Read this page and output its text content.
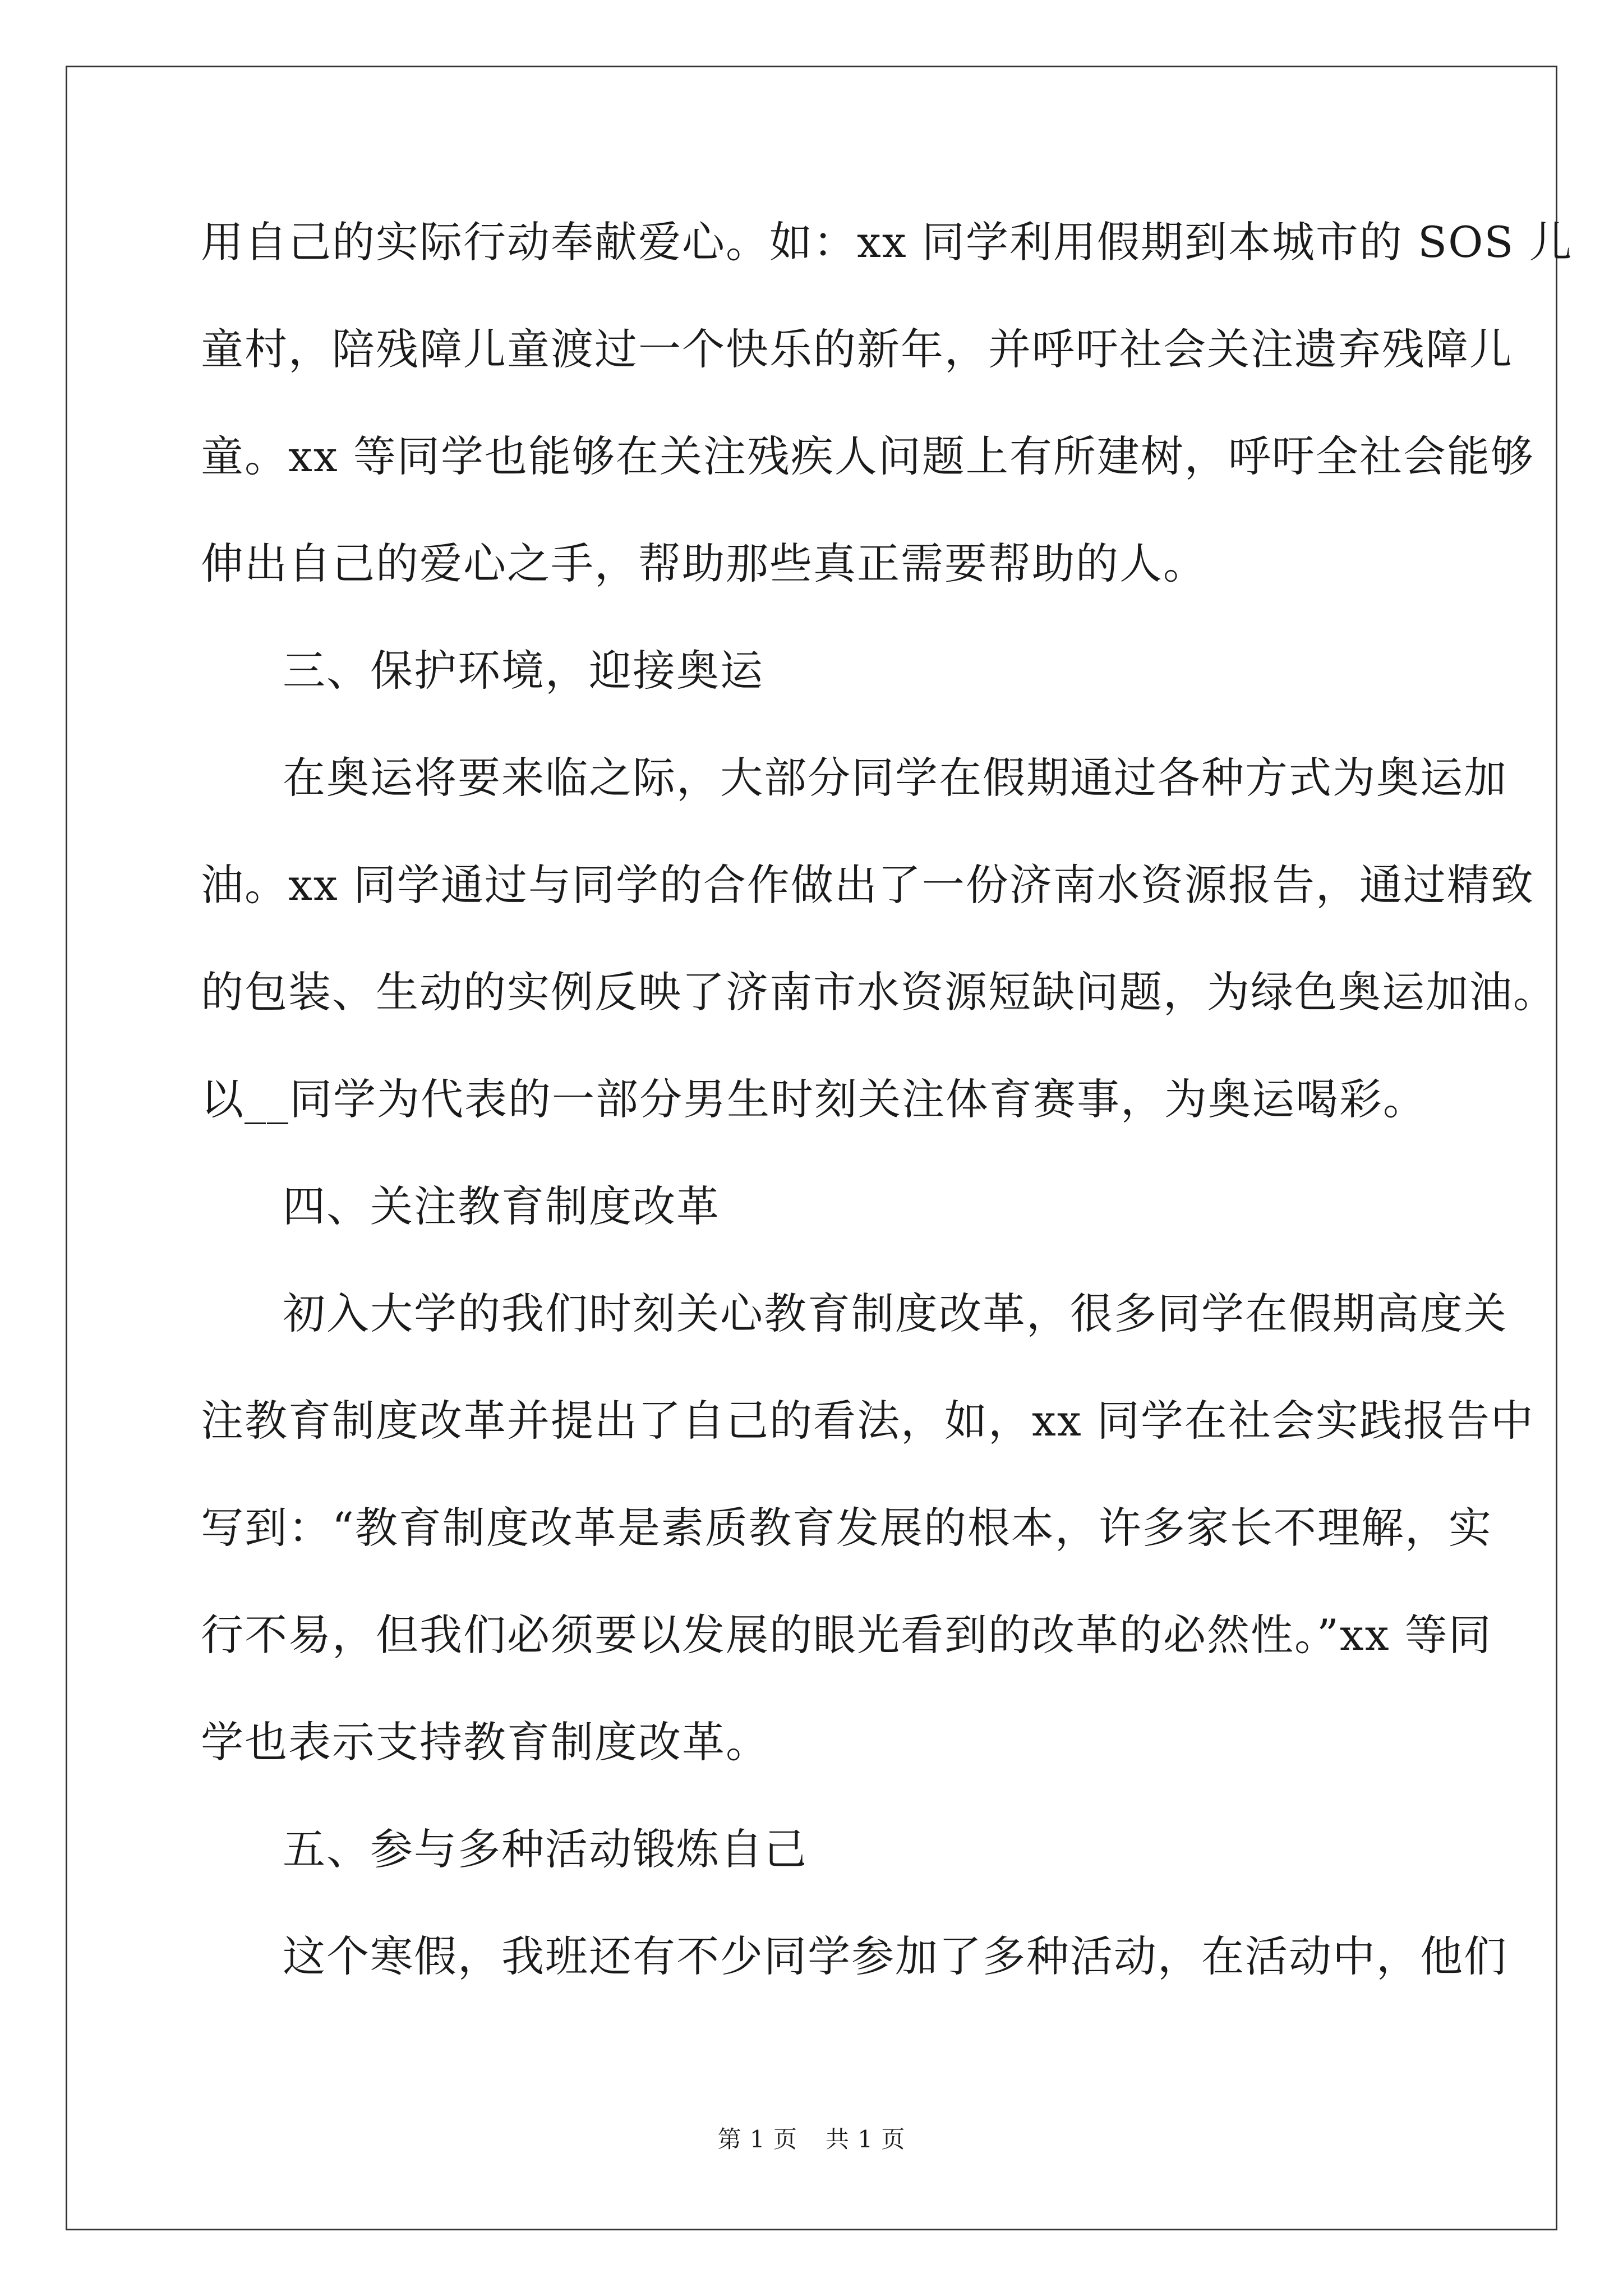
用自己的实际行动奉献爱心。如：xx 同学利用假期到本城市的 SOS 儿
童村，陪残障儿童渡过一个快乐的新年，并呼吁社会关注遗弃残障儿
童。xx 等同学也能够在关注残疾人问题上有所建树，呼吁全社会能够
伸出自己的爱心之手，帮助那些真正需要帮助的人。
三、保护环境，迎接奥运
在奥运将要来临之际，大部分同学在假期通过各种方式为奥运加
油。xx 同学通过与同学的合作做出了一份济南水资源报告，通过精致
的包装、生动的实例反映了济南市水资源短缺问题，为绿色奥运加油。
以__同学为代表的一部分男生时刻关注体育赛事，为奥运喝彩。
四、关注教育制度改革
初入大学的我们时刻关心教育制度改革，很多同学在假期高度关
注教育制度改革并提出了自己的看法，如，xx 同学在社会实践报告中
写到：“教育制度改革是素质教育发展的根本，许多家长不理解，实
行不易，但我们必须要以发展的眼光看到的改革的必然性。”xx 等同
学也表示支持教育制度改革。
五、参与多种活动锻炼自己
这个寒假，我班还有不少同学参加了多种活动，在活动中，他们
第 1 页 共 1 页
